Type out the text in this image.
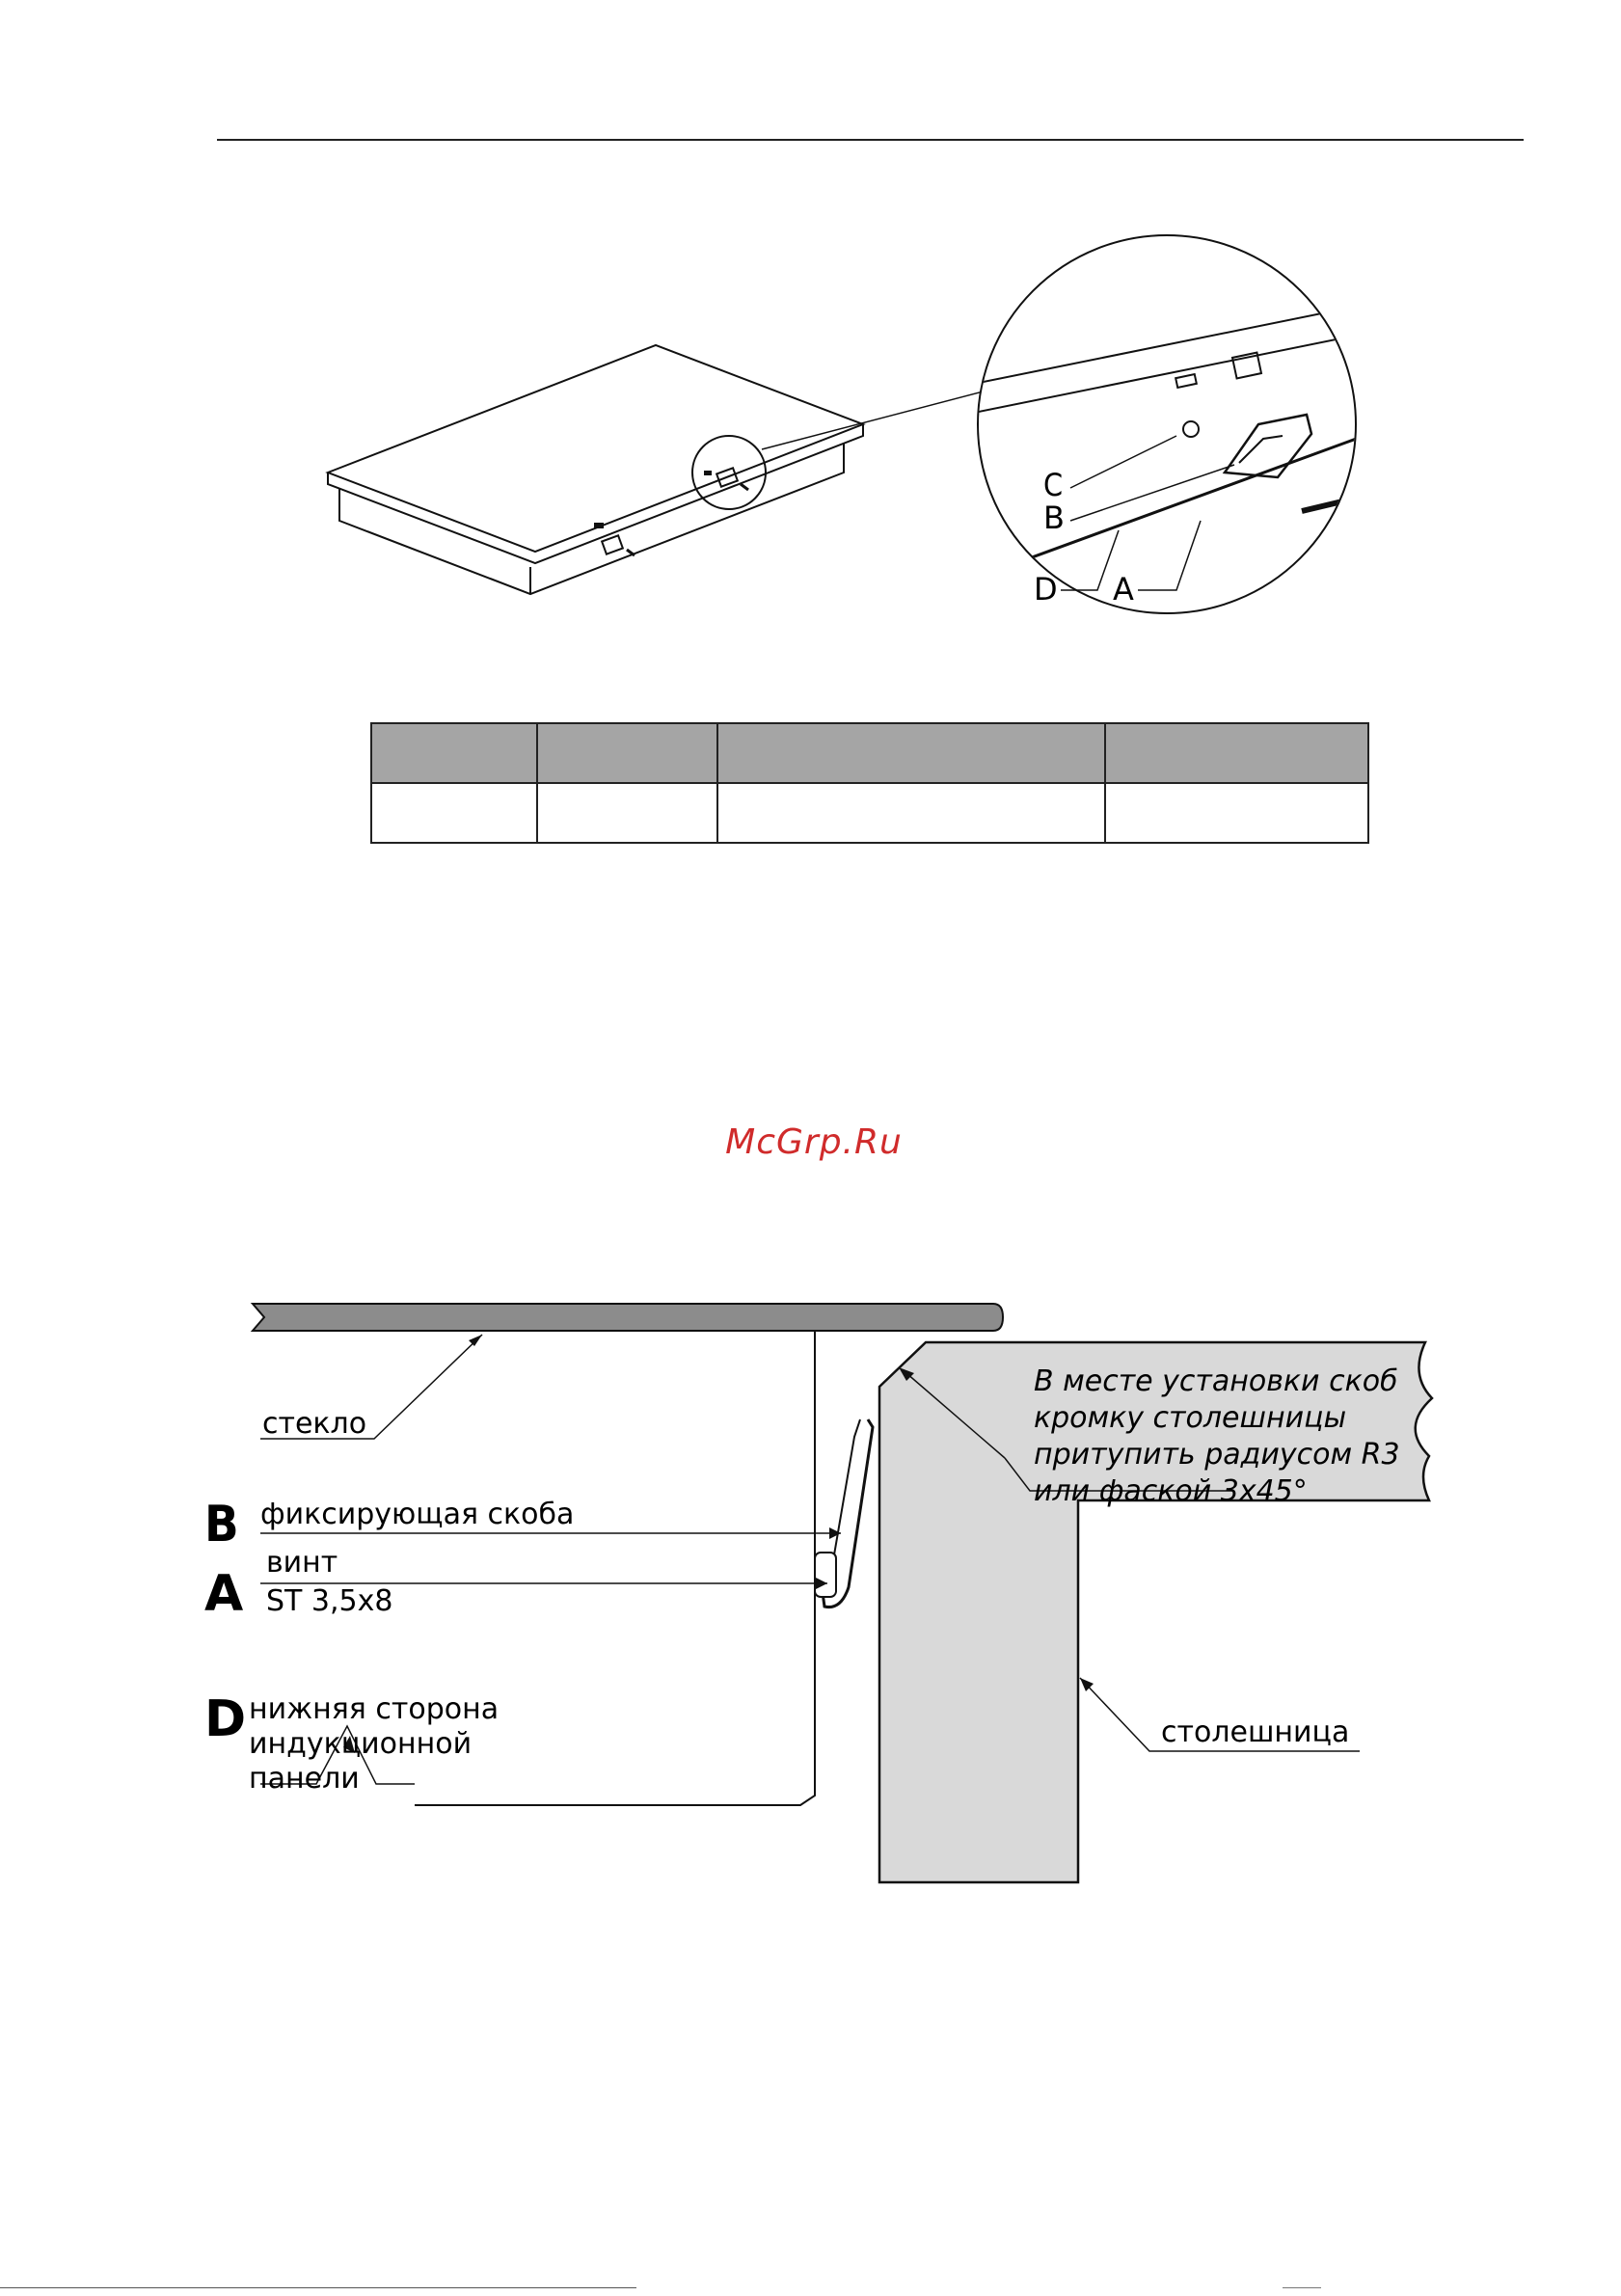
C
B
D A

McGrp.Ru
стекло
B фиксирующая скоба
A
винт
ST 3,5x8
D нижняя сторона
индукционной
панели
В месте установки скоб
кромку столешницы
притупить радиусом R3
или фаской 3x45°
столешница
